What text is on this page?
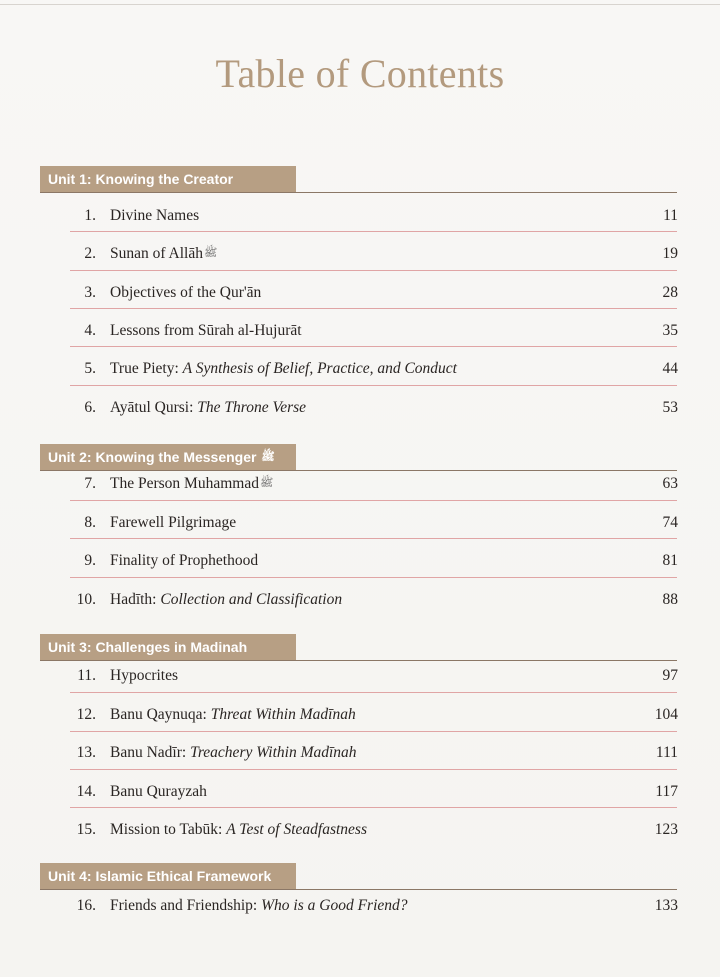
Table of Contents
Unit 1: Knowing the Creator
1. Divine Names	11
2. Sunan of Allāhﷺ	19
3. Objectives of the Qur'ān	28
4. Lessons from Sūrah al-Hujurāt	35
5. True Piety: A Synthesis of Belief, Practice, and Conduct	44
6. Ayātul Qursi: The Throne Verse	53
Unit 2: Knowing the Messenger ﷺ
7. The Person Muhammadﷺ	63
8. Farewell Pilgrimage	74
9. Finality of Prophethood	81
10. Hadīth: Collection and Classification	88
Unit 3: Challenges in Madinah
11. Hypocrites	97
12. Banu Qaynuqa: Threat Within Madīnah	104
13. Banu Nadīr: Treachery Within Madīnah	111
14. Banu Qurayzah	117
15. Mission to Tabūk: A Test of Steadfastness	123
Unit 4: Islamic Ethical Framework
16. Friends and Friendship: Who is a Good Friend?	133
